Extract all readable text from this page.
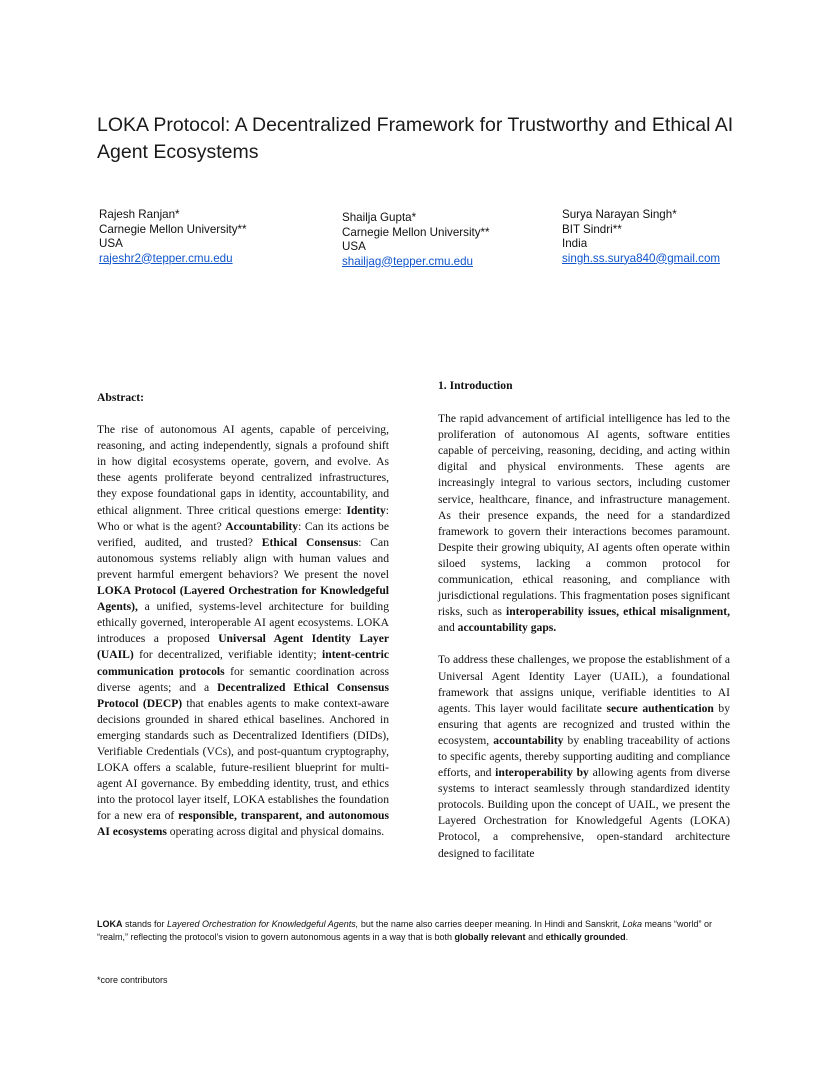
LOKA Protocol: A Decentralized Framework for Trustworthy and Ethical AI Agent Ecosystems
Rajesh Ranjan*
Carnegie Mellon University**
USA
rajeshr2@tepper.cmu.edu
Shailja Gupta*
Carnegie Mellon University**
USA
shailjag@tepper.cmu.edu
Surya Narayan Singh*
BIT Sindri**
India
singh.ss.surya840@gmail.com
Abstract:

The rise of autonomous AI agents, capable of perceiving, reasoning, and acting independently, signals a profound shift in how digital ecosystems operate, govern, and evolve. As these agents proliferate beyond centralized infrastructures, they expose foundational gaps in identity, accountability, and ethical alignment. Three critical questions emerge: Identity: Who or what is the agent? Accountability: Can its actions be verified, audited, and trusted? Ethical Consensus: Can autonomous systems reliably align with human values and prevent harmful emergent behaviors? We present the novel LOKA Protocol (Layered Orchestration for Knowledgeful Agents), a unified, systems-level architecture for building ethically governed, interoperable AI agent ecosystems. LOKA introduces a proposed Universal Agent Identity Layer (UAIL) for decentralized, verifiable identity; intent-centric communication protocols for semantic coordination across diverse agents; and a Decentralized Ethical Consensus Protocol (DECP) that enables agents to make context-aware decisions grounded in shared ethical baselines. Anchored in emerging standards such as Decentralized Identifiers (DIDs), Verifiable Credentials (VCs), and post-quantum cryptography, LOKA offers a scalable, future-resilient blueprint for multi-agent AI governance. By embedding identity, trust, and ethics into the protocol layer itself, LOKA establishes the foundation for a new era of responsible, transparent, and autonomous AI ecosystems operating across digital and physical domains.

1. Introduction

The rapid advancement of artificial intelligence has led to the proliferation of autonomous AI agents, software entities capable of perceiving, reasoning, deciding, and acting within digital and physical environments. These agents are increasingly integral to various sectors, including customer service, healthcare, finance, and infrastructure management. As their presence expands, the need for a standardized framework to govern their interactions becomes paramount. Despite their growing ubiquity, AI agents often operate within siloed systems, lacking a common protocol for communication, ethical reasoning, and compliance with jurisdictional regulations. This fragmentation poses significant risks, such as interoperability issues, ethical misalignment, and accountability gaps.

To address these challenges, we propose the establishment of a Universal Agent Identity Layer (UAIL), a foundational framework that assigns unique, verifiable identities to AI agents. This layer would facilitate secure authentication by ensuring that agents are recognized and trusted within the ecosystem, accountability by enabling traceability of actions to specific agents, thereby supporting auditing and compliance efforts, and interoperability by allowing agents from diverse systems to interact seamlessly through standardized identity protocols. Building upon the concept of UAIL, we present the Layered Orchestration for Knowledgeful Agents (LOKA) Protocol, a comprehensive, open-standard architecture designed to facilitate

LOKA stands for Layered Orchestration for Knowledgeful Agents, but the name also carries deeper meaning. In Hindi and Sanskrit, Loka means “world” or “realm,” reflecting the protocol’s vision to govern autonomous agents in a way that is both globally relevant and ethically grounded.
*core contributors
